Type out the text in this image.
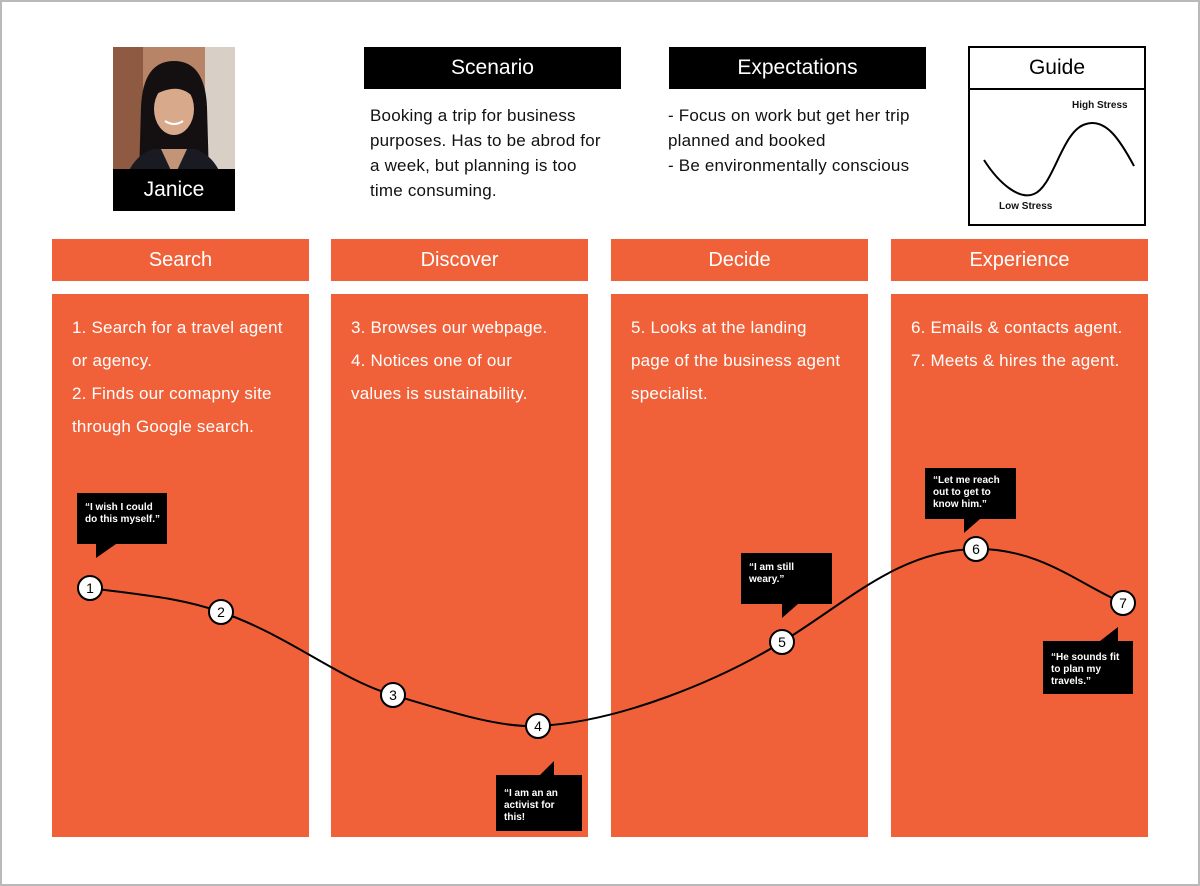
Janice
Scenario
Booking a trip for business
purposes. Has to be abrod for
a week, but planning is too
time consuming.
Expectations
- Focus on work but get her trip
planned and booked
- Be environmentally conscious
Guide
High Stress
Low Stress
Search	Discover	Decide	Experience
1. Search for a travel agent
or agency.
2. Finds our comapny site
through Google search.
3. Browses our webpage.
4. Notices one of our
values is sustainability.
5. Looks at the landing
page of the business agent
specialist.
6. Emails & contacts agent.
7. Meets & hires the agent.
1
2
3
4
5
6
7
“I wish I could
do this myself.”
“I am an an
activist for this!
“I am still
weary.”
“Let me reach
out to get to
know him.”
“He sounds fit
to plan my
travels.”
